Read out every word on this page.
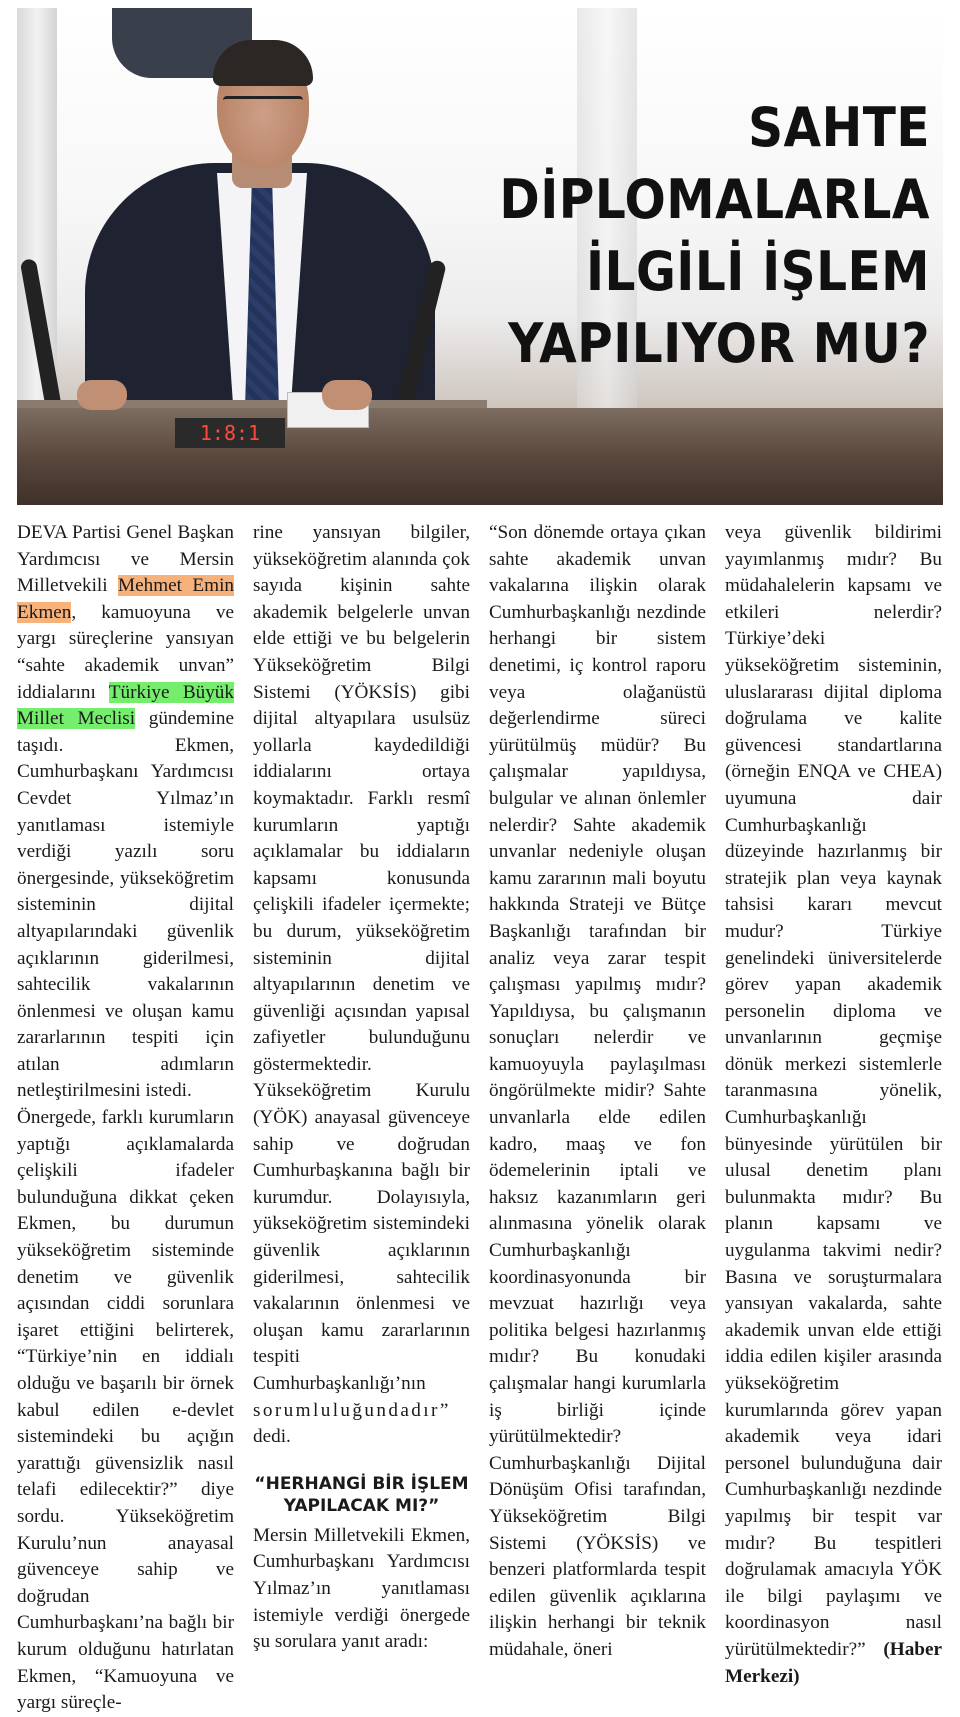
1:8:1
SAHTE
DİPLOMALARLA
İLGİLİ İŞLEM
YAPILIYOR MU?

DEVA Partisi Genel Başkan Yardımcısı ve Mersin Milletvekili Mehmet Emin Ekmen, kamuoyuna ve yargı süreçlerine yansıyan “sahte akademik unvan” iddialarını Türkiye Büyük Millet Meclisi gündemine taşıdı. Ekmen, Cumhurbaşkanı Yardımcısı Cevdet Yılmaz’ın yanıtlaması istemiyle verdiği yazılı soru önergesinde, yükseköğretim sisteminin dijital altyapılarındaki güvenlik açıklarının giderilmesi, sahtecilik vakalarının önlenmesi ve oluşan kamu zararlarının tespiti için atılan adımların netleştirilmesini istedi.

Önergede, farklı kurumların yaptığı açıklamalarda çelişkili ifadeler bulunduğuna dikkat çeken Ekmen, bu durumun yükseköğretim sisteminde denetim ve güvenlik açısından ciddi sorunlara işaret ettiğini belirterek, “Türkiye’nin en iddialı olduğu ve başarılı bir örnek kabul edilen e-devlet sistemindeki bu açığın yarattığı güvensizlik nasıl telafi edilecektir?” diye sordu. Yükseköğretim Kurulu’nun anayasal güvenceye sahip ve doğrudan Cumhurbaşkanı’na bağlı bir kurum olduğunu hatırlatan Ekmen, “Kamuoyuna ve yargı süreçle-

rine yansıyan bilgiler, yükseköğretim alanında çok sayıda kişinin sahte akademik belgelerle unvan elde ettiği ve bu belgelerin Yükseköğretim Bilgi Sistemi (YÖKSİS) gibi dijital altyapılara usulsüz yollarla kaydedildiği iddialarını ortaya koymaktadır. Farklı resmî kurumların yaptığı açıklamalar bu iddiaların kapsamı konusunda çelişkili ifadeler içermekte; bu durum, yükseköğretim sisteminin dijital altyapılarının denetim ve güvenliği açısından yapısal zafiyetler bulunduğunu göstermektedir. Yükseköğretim Kurulu (YÖK) anayasal güvenceye sahip ve doğrudan Cumhurbaşkanına bağlı bir kurumdur. Dolayısıyla, yükseköğretim sistemindeki güvenlik açıklarının giderilmesi, sahtecilik vakalarının önlenmesi ve oluşan kamu zararlarının tespiti Cumhurbaşkanlığı’nın sorumluluğundadır” dedi.

“HERHANGİ BİR İŞLEM YAPILACAK MI?”

Mersin Milletvekili Ekmen, Cumhurbaşkanı Yardımcısı Yılmaz’ın yanıtlaması istemiyle verdiği önergede şu sorulara yanıt aradı:

“Son dönemde ortaya çıkan sahte akademik unvan vakalarına ilişkin olarak Cumhurbaşkanlığı nezdinde herhangi bir sistem denetimi, iç kontrol raporu veya olağanüstü değerlendirme süreci yürütülmüş müdür? Bu çalışmalar yapıldıysa, bulgular ve alınan önlemler nelerdir? Sahte akademik unvanlar nedeniyle oluşan kamu zararının mali boyutu hakkında Strateji ve Bütçe Başkanlığı tarafından bir analiz veya zarar tespit çalışması yapılmış mıdır? Yapıldıysa, bu çalışmanın sonuçları nelerdir ve kamuoyuyla paylaşılması öngörülmekte midir? Sahte unvanlarla elde edilen kadro, maaş ve fon ödemelerinin iptali ve haksız kazanımların geri alınmasına yönelik olarak Cumhurbaşkanlığı koordinasyonunda bir mevzuat hazırlığı veya politika belgesi hazırlanmış mıdır? Bu konudaki çalışmalar hangi kurumlarla iş birliği içinde yürütülmektedir? Cumhurbaşkanlığı Dijital Dönüşüm Ofisi tarafından, Yükseköğretim Bilgi Sistemi (YÖKSİS) ve benzeri platformlarda tespit edilen güvenlik açıklarına ilişkin herhangi bir teknik müdahale, öneri

veya güvenlik bildirimi yayımlanmış mıdır? Bu müdahalelerin kapsamı ve etkileri nelerdir? Türkiye’deki yükseköğretim sisteminin, uluslararası dijital diploma doğrulama ve kalite güvencesi standartlarına (örneğin ENQA ve CHEA) uyumuna dair Cumhurbaşkanlığı düzeyinde hazırlanmış bir stratejik plan veya kaynak tahsisi kararı mevcut mudur? Türkiye genelindeki üniversitelerde görev yapan akademik personelin diploma ve unvanlarının geçmişe dönük merkezi sistemlerle taranmasına yönelik, Cumhurbaşkanlığı bünyesinde yürütülen bir ulusal denetim planı bulunmakta mıdır? Bu planın kapsamı ve uygulanma takvimi nedir? Basına ve soruşturmalara yansıyan vakalarda, sahte akademik unvan elde ettiği iddia edilen kişiler arasında yükseköğretim kurumlarında görev yapan akademik veya idari personel bulunduğuna dair Cumhurbaşkanlığı nezdinde yapılmış bir tespit var mıdır? Bu tespitleri doğrulamak amacıyla YÖK ile bilgi paylaşımı ve koordinasyon nasıl yürütülmektedir?” (Haber Merkezi)
